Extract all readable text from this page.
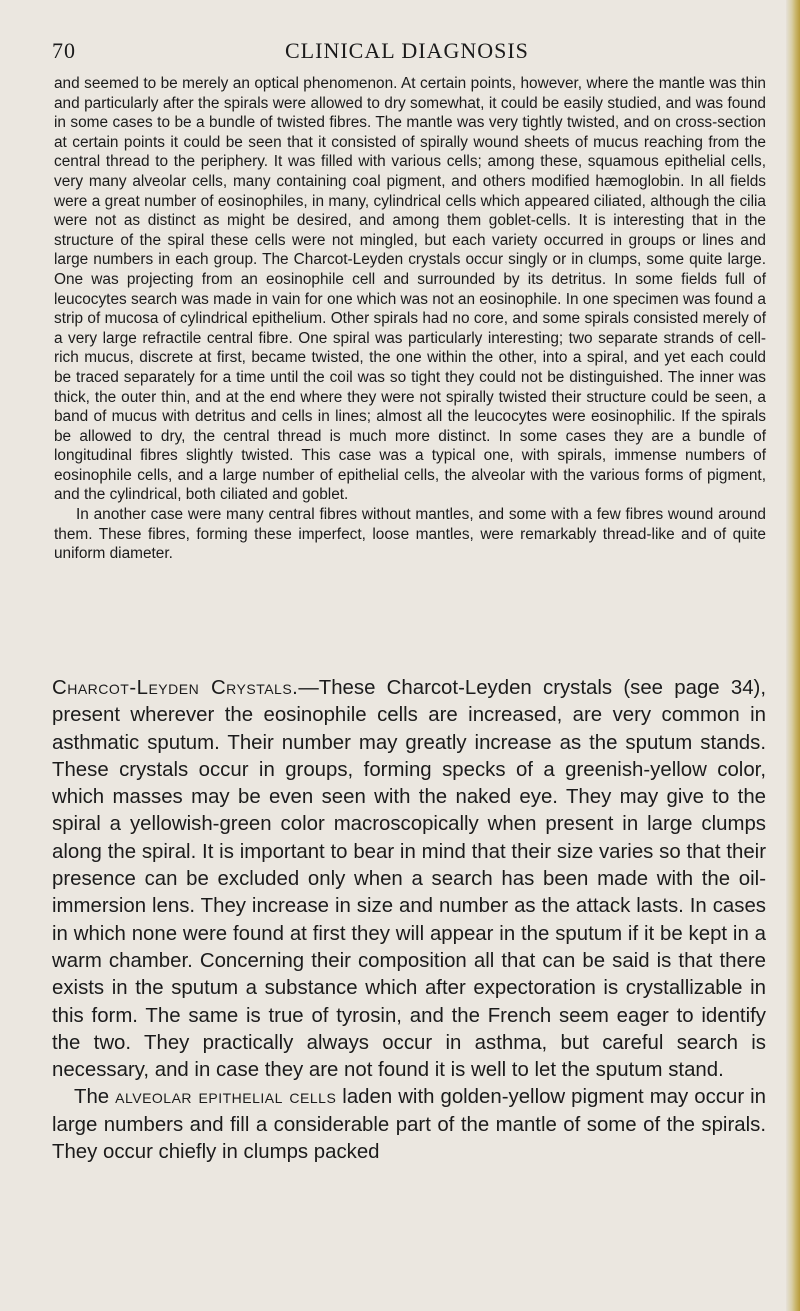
70	CLINICAL DIAGNOSIS

and seemed to be merely an optical phenomenon. At certain points, however, where the mantle was thin and particularly after the spirals were allowed to dry somewhat, it could be easily studied, and was found in some cases to be a bundle of twisted fibres. The mantle was very tightly twisted, and on cross-section at certain points it could be seen that it consisted of spirally wound sheets of mucus reaching from the central thread to the periphery. It was filled with various cells; among these, squamous epithelial cells, very many alveolar cells, many containing coal pigment, and others modified hæmoglobin. In all fields were a great number of eosinophiles, in many, cylindrical cells which appeared ciliated, although the cilia were not as distinct as might be desired, and among them goblet-cells. It is interesting that in the structure of the spiral these cells were not mingled, but each variety occurred in groups or lines and large numbers in each group. The Charcot-Leyden crystals occur singly or in clumps, some quite large. One was projecting from an eosinophile cell and surrounded by its detritus. In some fields full of leucocytes search was made in vain for one which was not an eosinophile. In one specimen was found a strip of mucosa of cylindrical epithelium. Other spirals had no core, and some spirals consisted merely of a very large refractile central fibre. One spiral was particularly interesting; two separate strands of cell-rich mucus, discrete at first, became twisted, the one within the other, into a spiral, and yet each could be traced separately for a time until the coil was so tight they could not be distinguished. The inner was thick, the outer thin, and at the end where they were not spirally twisted their structure could be seen, a band of mucus with detritus and cells in lines; almost all the leucocytes were eosinophilic. If the spirals be allowed to dry, the central thread is much more distinct. In some cases they are a bundle of longitudinal fibres slightly twisted. This case was a typical one, with spirals, immense numbers of eosinophile cells, and a large number of epithelial cells, the alveolar with the various forms of pigment, and the cylindrical, both ciliated and goblet.

In another case were many central fibres without mantles, and some with a few fibres wound around them. These fibres, forming these imperfect, loose mantles, were remarkably thread-like and of quite uniform diameter.

Charcot-Leyden Crystals.—These Charcot-Leyden crystals (see page 34), present wherever the eosinophile cells are increased, are very common in asthmatic sputum. Their number may greatly increase as the sputum stands. These crystals occur in groups, forming specks of a greenish-yellow color, which masses may be even seen with the naked eye. They may give to the spiral a yellowish-green color macroscopically when present in large clumps along the spiral. It is important to bear in mind that their size varies so that their presence can be excluded only when a search has been made with the oil-immersion lens. They increase in size and number as the attack lasts. In cases in which none were found at first they will appear in the sputum if it be kept in a warm chamber. Concerning their composition all that can be said is that there exists in the sputum a substance which after expectoration is crystallizable in this form. The same is true of tyrosin, and the French seem eager to identify the two. They practically always occur in asthma, but careful search is necessary, and in case they are not found it is well to let the sputum stand.

The alveolar epithelial cells laden with golden-yellow pigment may occur in large numbers and fill a considerable part of the mantle of some of the spirals. They occur chiefly in clumps packed
